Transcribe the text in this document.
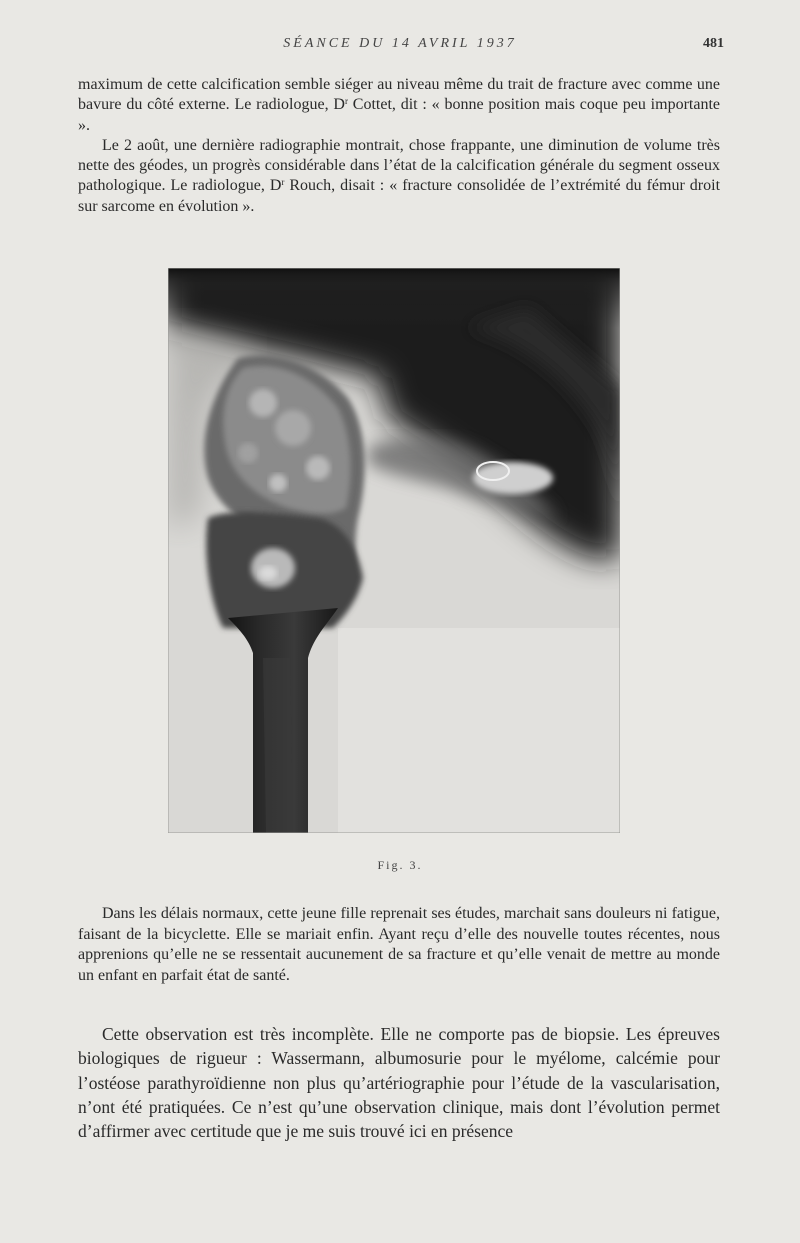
SÉANCE DU 14 AVRIL 1937	481

maximum de cette calcification semble siéger au niveau même du trait de fracture avec comme une bavure du côté externe. Le radiologue, $D^r$ Cottet, dit : « bonne position mais coque peu importante ».
Le 2 août, une dernière radiographie montrait, chose frappante, une diminution de volume très nette des géodes, un progrès considérable dans l’état de la calcification générale du segment osseux pathologique. Le radiologue, $D^r$ Rouch, disait : « fracture consolidée de l’extrémité du fémur droit sur sarcome en évolution ».

Fig. 3.

Dans les délais normaux, cette jeune fille reprenait ses études, marchait sans douleurs ni fatigue, faisant de la bicyclette. Elle se mariait enfin. Ayant reçu d’elle des nouvelle toutes récentes, nous apprenions qu’elle ne se ressentait aucunement de sa fracture et qu’elle venait de mettre au monde un enfant en parfait état de santé.

Cette observation est très incomplète. Elle ne comporte pas de biopsie. Les épreuves biologiques de rigueur : Wassermann, albumosurie pour le myélome, calcémie pour l’ostéose parathyroïdienne non plus qu’artériographie pour l’étude de la vascularisation, n’ont été pratiquées. Ce n’est qu’une observation clinique, mais dont l’évolution permet d’affirmer avec certitude que je me suis trouvé ici en présence
